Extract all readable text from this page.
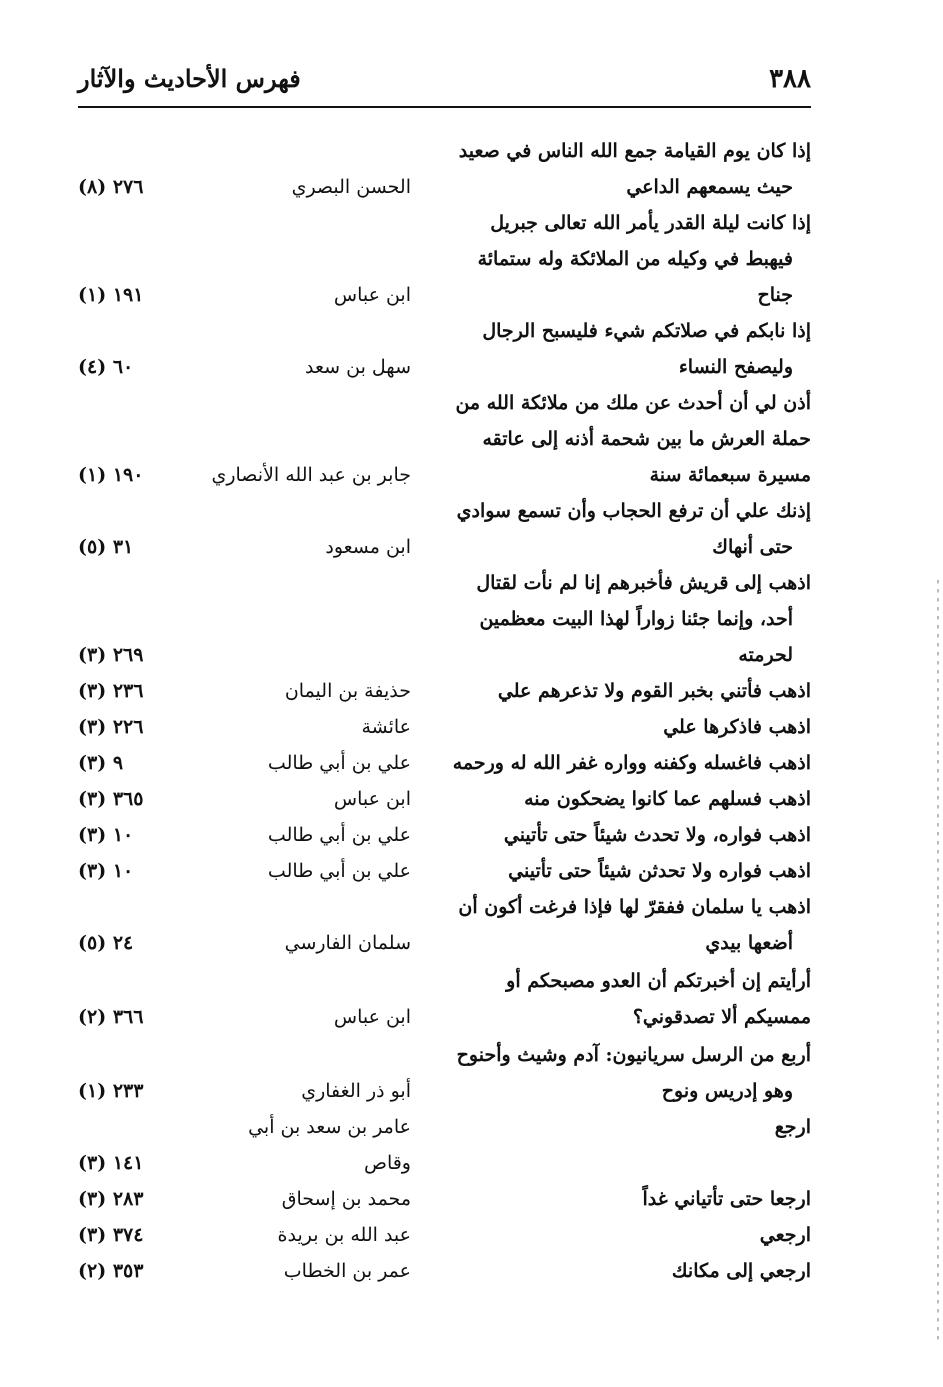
٣٨٨
فهرس الأحاديث والآثار
إذا كان يوم القيامة جمع الله الناس في صعيد
حيث يسمعهم الداعي
الحسن البصري
(٨) ٢٧٦
إذا كانت ليلة القدر يأمر الله تعالى جبريل
فيهبط في وكيله من الملائكة وله ستمائة
جناح
ابن عباس
(١) ١٩١
إذا نابكم في صلاتكم شيء فليسبح الرجال
وليصفح النساء
سهل بن سعد
(٤) ٦٠
أذن لي أن أحدث عن ملك من ملائكة الله من
حملة العرش ما بين شحمة أذنه إلى عاتقه
مسيرة سبعمائة سنة
جابر بن عبد الله الأنصاري
(١) ١٩٠
إذنك علي أن ترفع الحجاب وأن تسمع سوادي
حتى أنهاك
ابن مسعود
(٥) ٣١
اذهب إلى قريش فأخبرهم إنا لم نأت لقتال
أحد، وإنما جئنا زواراً لهذا البيت معظمين
لحرمته
(٣) ٢٦٩
اذهب فأتني بخبر القوم ولا تذعرهم علي
حذيفة بن اليمان
(٣) ٢٣٦
اذهب فاذكرها علي
عائشة
(٣) ٢٢٦
اذهب فاغسله وكفنه وواره غفر الله له ورحمه
علي بن أبي طالب
(٣) ٩
اذهب فسلهم عما كانوا يضحكون منه
ابن عباس
(٣) ٣٦٥
اذهب فواره، ولا تحدث شيئاً حتى تأتيني
علي بن أبي طالب
(٣) ١٠
اذهب فواره ولا تحدثن شيئاً حتى تأتيني
علي بن أبي طالب
(٣) ١٠
اذهب يا سلمان ففقرّ لها فإذا فرغت أكون أن
أضعها بيدي
سلمان الفارسي
(٥) ٢٤
أرأيتم إن أخبرتكم أن العدو مصبحكم أو
ممسيكم ألا تصدقوني؟
ابن عباس
(٢) ٣٦٦
أربع من الرسل سريانيون: آدم وشيث وأحنوح
وهو إدريس ونوح
أبو ذر الغفاري
(١) ٢٣٣
ارجع
عامر بن سعد بن أبي
وقاص
(٣) ١٤١
ارجعا حتى تأتياني غداً
محمد بن إسحاق
(٣) ٢٨٣
ارجعي
عبد الله بن بريدة
(٣) ٣٧٤
ارجعي إلى مكانك
عمر بن الخطاب
(٢) ٣٥٣
